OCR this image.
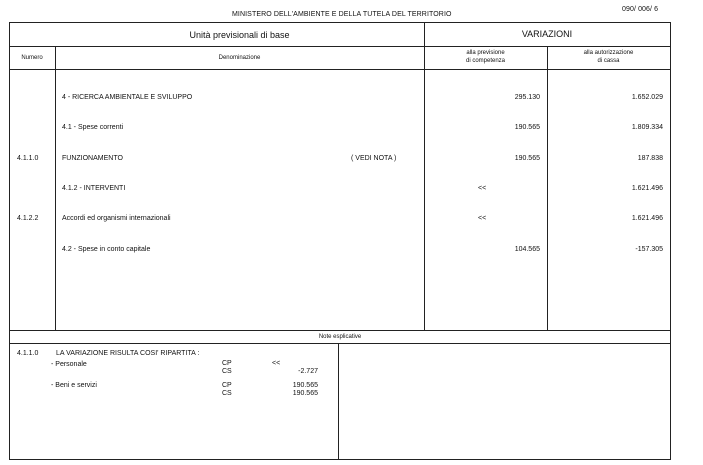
MINISTERO DELL'AMBIENTE E DELLA TUTELA DEL TERRITORIO
090/ 006/ 6
Unità previsionali di base	VARIAZIONI
Numero	Denominazione
alla previsione
di competenza
alla autorizzazione
di cassa
4 - RICERCA AMBIENTALE E SVILUPPO	295.130	1.652.029
4.1 - Spese correnti	190.565	1.809.334
4.1.1.0	FUNZIONAMENTO	( VEDI NOTA )	190.565	187.838
4.1.2 - INTERVENTI	<<	1.621.496
4.1.2.2	Accordi ed organismi internazionali	<<	1.621.496
4.2 - Spese in conto capitale	104.565	-157.305
Note esplicative
4.1.1.0	LA VARIAZIONE RISULTA COSI' RIPARTITA :
- Personale	CP	<<
CS	-2.727
- Beni e servizi	CP	190.565
CS	190.565
